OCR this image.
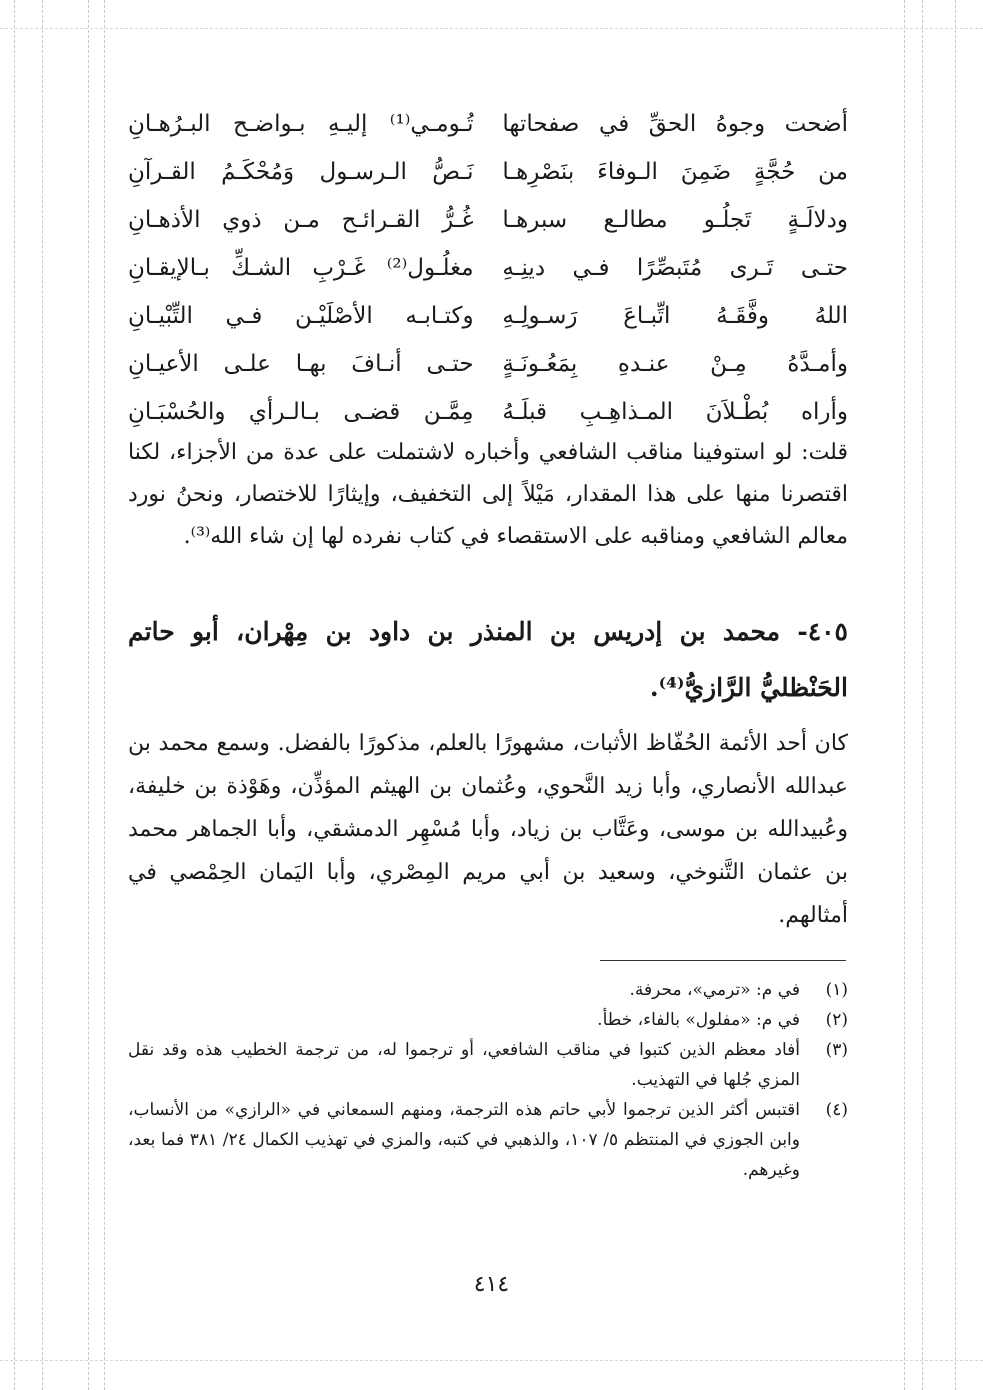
أضحت وجوهُ الحقِّ في صفحاتها
تُـومـي⁽¹⁾ إليـهِ بـواضـح البـرُهـانِ
من حُجَّةٍ ضَمِنَ الـوفاءَ بنَصْرِهـا
نَـصُّ الـرسـول وَمُحْكَـمُ القـرآنِ
ودلالَـةٍ تَجلُـو مطالـع سبرهـا
غُـرُّ القـرائـح مـن ذوي الأذهـانِ
حتـى تَـرى مُتَبصِّرًا فـي دينِـهِ
مغلُـول⁽²⁾ غَـرْبِ الشـكِّ بـالإيقـانِ
اللهُ وفَّقَـهُ اتِّبـاعَ رَسـولِـهِ
وكتـابـه الأصْلَيْـن فـي التِّبْيـانِ
وأمـدَّهُ مِـنْ عنـدهِ بِمَعُـونَـةٍ
حتـى أنـافَ بهـا علـى الأعيـانِ
وأراه بُطْـلاَنَ المـذاهِـبِ قبلَـهُ
مِمَّـن قضـى بـالـرأي والحُسْبَـانِ

قلت: لو استوفينا مناقب الشافعي وأخباره لاشتملت على عدة من الأجزاء، لكنا اقتصرنا منها على هذا المقدار، مَيْلاً إلى التخفيف، وإيثارًا للاختصار، ونحنُ نورد معالم الشافعي ومناقبه على الاستقصاء في كتاب نفرده لها إن شاء الله⁽³⁾.

٤٠٥- محمد بن إدريس بن المنذر بن داود بن مِهْران، أبو حاتم الحَنْظليُّ الرَّازيُّ⁽⁴⁾.

كان أحد الأئمة الحُفّاظ الأثبات، مشهورًا بالعلم، مذكورًا بالفضل. وسمع محمد بن عبدالله الأنصاري، وأبا زيد النَّحوي، وعُثمان بن الهيثم المؤذِّن، وهَوْذة بن خليفة، وعُبيدالله بن موسى، وعَتَّاب بن زياد، وأبا مُسْهِر الدمشقي، وأبا الجماهر محمد بن عثمان التَّنوخي، وسعيد بن أبي مريم المِصْري، وأبا اليَمان الحِمْصي في أمثالهم.

(١)
في م: «ترمي»، محرفة.
(٢)
في م: «مفلول» بالفاء، خطأ.
(٣)
أفاد معظم الذين كتبوا في مناقب الشافعي، أو ترجموا له، من ترجمة الخطيب هذه وقد نقل المزي جُلها في التهذيب.
(٤)
اقتبس أكثر الذين ترجموا لأبي حاتم هذه الترجمة، ومنهم السمعاني في «الرازي» من الأنساب، وابن الجوزي في المنتظم ٥/ ١٠٧، والذهبي في كتبه، والمزي في تهذيب الكمال ٢٤/ ٣٨١ فما بعد، وغيرهم.
٤١٤
